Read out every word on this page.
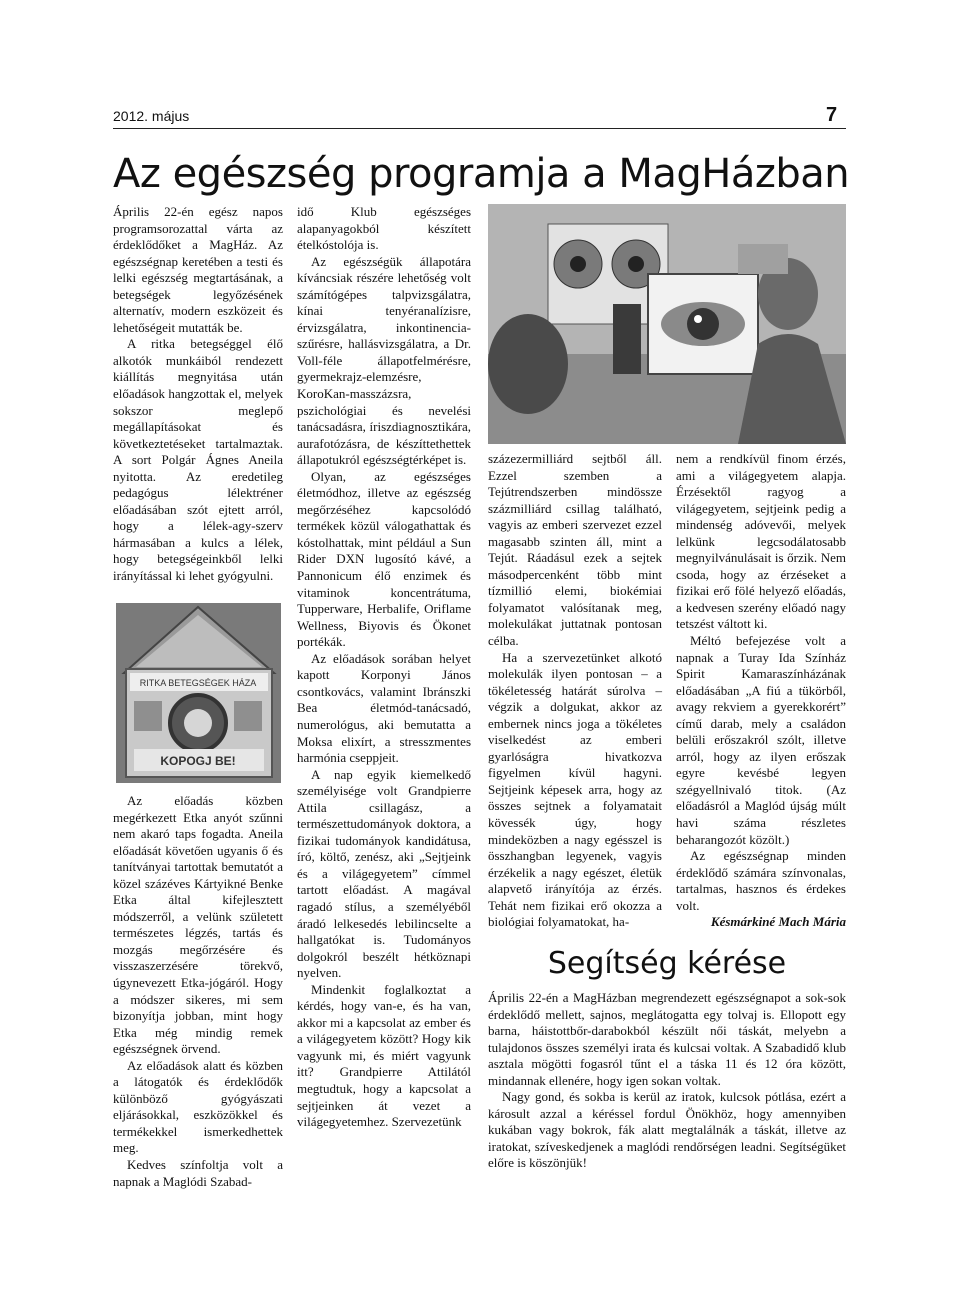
2012. május	7
Az egészség programja a MagHázban

Április 22-én egész napos programsorozattal várta az érdeklődőket a MagHáz. Az egészségnap keretében a testi és lelki egészség megtartásának, a betegségek legyőzésének alternatív, modern eszközeit és lehetőségeit mutatták be.

A ritka betegséggel élő alkotók munkáiból rendezett kiállítás megnyitása után előadások hangzottak el, melyek sokszor meglepő megállapításokat és következtetéseket tartalmaztak. A sort Polgár Ágnes Aneila nyitotta. Az eredetileg pedagógus lélektréner előadásában szót ejtett arról, hogy a lélek-agy-szerv hármasában a kulcs a lélek, hogy betegségeinkből lelki irányítással ki lehet gyógyulni.

RITKA BETEGSÉGEK HÁZA
KOPOGJ BE!

Az előadás közben megérkezett Etka anyót szűnni nem akaró taps fogadta. Aneila előadását követően ugyanis ő és tanítványai tartottak bemutatót a közel százéves Kártyikné Benke Etka által kifejlesztett módszerről, a velünk született természetes légzés, tartás és mozgás megőrzésére és visszaszerzésére törekvő, úgynevezett Etka-jógáról. Hogy a módszer sikeres, mi sem bizonyítja jobban, mint hogy Etka még mindig remek egészségnek örvend.

Az előadások alatt és közben a látogatók és érdeklődők különböző gyógyászati eljárásokkal, eszközökkel és termékekkel ismerkedhettek meg.

Kedves színfoltja volt a napnak a Maglódi Szabad-

idő Klub egészséges alapanyagokból készített ételkóstolója is.

Az egészségük állapotára kíváncsiak részére lehetőség volt számítógépes talpvizsgálatra, kínai tenyéranalízisre, érvizsgálatra, inkontinencia-szűrésre, hallásvizsgálatra, a Dr. Voll-féle állapotfelmérésre, gyermekrajz-elemzésre, KoroKan-masszázsra, pszichológiai és nevelési tanácsadásra, íriszdiagnosztikára, aurafotózásra, de készíttethettek állapotukról egészségtérképet is.

Olyan, az egészséges életmódhoz, illetve az egészség megőrzéséhez kapcsolódó termékek közül válogathattak és kóstolhattak, mint például a Sun Rider DXN lugosító kávé, a Pannonicum élő enzimek és vitaminok koncentrátuma, Tupperware, Herbalife, Oriflame Wellness, Biyovis és Ökonet portékák.

Az előadások sorában helyet kapott Korponyi János csontkovács, valamint Ibránszki Bea életmód-tanácsadó, numerológus, aki bemutatta a Moksa elixírt, a stresszmentes harmónia cseppjeit.

A nap egyik kiemelkedő személyisége volt Grandpierre Attila csillagász, a természettudományok doktora, a fizikai tudományok kandidátusa, író, költő, zenész, aki „Sejtjeink és a világegyetem” címmel tartott előadást. A magával ragadó stílus, a személyéből áradó lelkesedés lebilincselte a hallgatókat is. Tudományos dolgokról beszélt hétköznapi nyelven.

Mindenkit foglalkoztat a kérdés, hogy van-e, és ha van, akkor mi a kapcsolat az ember és a világegyetem között? Hogy kik vagyunk mi, és miért vagyunk itt? Grandpierre Attilától megtudtuk, hogy a kapcsolat a sejtjeinken át vezet a világegyetemhez. Szervezetünk

százezermilliárd sejtből áll. Ezzel szemben a Tejútrendszerben mindössze százmilliárd csillag található, vagyis az emberi szervezet ezzel magasabb szinten áll, mint a Tejút. Ráadásul ezek a sejtek másodpercenként több mint tízmillió elemi, biokémiai folyamatot valósítanak meg, molekulákat juttatnak pontosan célba.

Ha a szervezetünket alkotó molekulák ilyen pontosan – a tökéletesség határát súrolva – végzik a dolgukat, akkor az embernek nincs joga a tökéletes viselkedést az emberi gyarlóságra hivatkozva figyelmen kívül hagyni. Sejtjeink képesek arra, hogy az összes sejtnek a folyamatait kövessék úgy, hogy mindeközben a nagy egésszel is összhangban legyenek, vagyis érzékelik a nagy egészet, életük alapvető irányítója az érzés. Tehát nem fizikai erő okozza a biológiai folyamatokat, ha-

nem a rendkívül finom érzés, ami a világegyetem alapja. Érzésektől ragyog a világegyetem, sejtjeink pedig a mindenség adóvevői, melyek lelkünk legcsodálatosabb megnyilvánulásait is őrzik. Nem csoda, hogy az érzéseket a fizikai erő fölé helyező előadás, a kedvesen szerény előadó nagy tetszést váltott ki.

Méltó befejezése volt a napnak a Turay Ida Színház Spirit Kamaraszínházának előadásában „A fiú a tükörből, avagy rekviem a gyerekkorért” című darab, mely a családon belüli erőszakról szólt, illetve arról, hogy az ilyen erőszak egyre kevésbé legyen szégyellnivaló titok. (Az előadásról a Maglód újság múlt havi száma részletes beharangozót közölt.)

Az egészségnap minden érdeklődő számára színvonalas, tartalmas, hasznos és érdekes volt.

Késmárkiné Mach Mária

Segítség kérése

Április 22-én a MagHázban megrendezett egészségnapot a sok-sok érdeklődő mellett, sajnos, meglátogatta egy tolvaj is. Ellopott egy barna, háistottbőr-darabokból készült női táskát, melyebn a tulajdonos összes személyi irata és kulcsai voltak. A Szabadidő klub asztala mögötti fogasról tűnt el a táska 11 és 12 óra között, mindannak ellenére, hogy igen sokan voltak.

Nagy gond, és sokba is kerül az iratok, kulcsok pótlása, ezért a károsult azzal a kéréssel fordul Önökhöz, hogy amennyiben kukában vagy bokrok, fák alatt megtalálnák a táskát, illetve az iratokat, szíveskedjenek a maglódi rendőrségen leadni. Segítségüket előre is köszönjük!
